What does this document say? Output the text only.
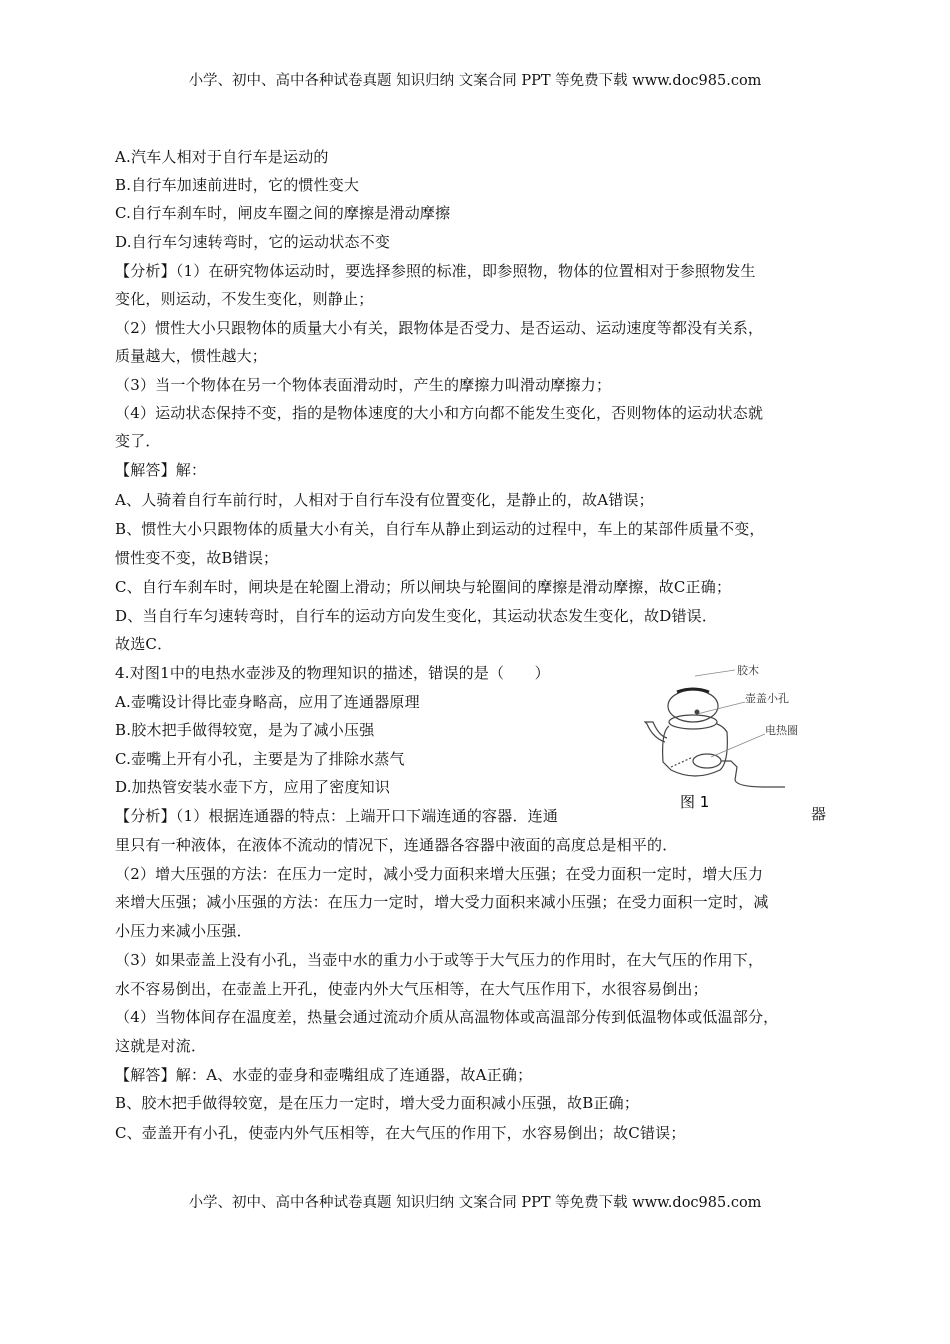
小学、初中、高中各种试卷真题 知识归纳 文案合同 PPT 等免费下载 www.doc985.com
A.汽车人相对于自行车是运动的
B.自行车加速前进时，它的惯性变大
C.自行车刹车时，闸皮车圈之间的摩擦是滑动摩擦
D.自行车匀速转弯时，它的运动状态不变
【分析】（1）在研究物体运动时，要选择参照的标准，即参照物，物体的位置相对于参照物发生
变化，则运动，不发生变化，则静止；
（2）惯性大小只跟物体的质量大小有关，跟物体是否受力、是否运动、运动速度等都没有关系，
质量越大，惯性越大；
（3）当一个物体在另一个物体表面滑动时，产生的摩擦力叫滑动摩擦力；
（4）运动状态保持不变，指的是物体速度的大小和方向都不能发生变化，否则物体的运动状态就
变了．
【解答】解：
A、人骑着自行车前行时，人相对于自行车没有位置变化，是静止的，故A错误；
B、惯性大小只跟物体的质量大小有关，自行车从静止到运动的过程中，车上的某部件质量不变，
惯性变不变，故B错误；
C、自行车刹车时，闸块是在轮圈上滑动；所以闸块与轮圈间的摩擦是滑动摩擦，故C正确；
D、当自行车匀速转弯时，自行车的运动方向发生变化，其运动状态发生变化，故D错误．
故选C．
4.对图1中的电热水壶涉及的物理知识的描述，错误的是（　　）
A.壶嘴设计得比壶身略高，应用了连通器原理
B.胶木把手做得较宽，是为了减小压强
C.壶嘴上开有小孔，主要是为了排除水蒸气
D.加热管安装水壶下方，应用了密度知识
【分析】（1）根据连通器的特点：上端开口下端连通的容器．连通
里只有一种液体，在液体不流动的情况下，连通器各容器中液面的高度总是相平的．
（2）增大压强的方法：在压力一定时，减小受力面积来增大压强；在受力面积一定时，增大压力
来增大压强；减小压强的方法：在压力一定时，增大受力面积来减小压强；在受力面积一定时，减
小压力来减小压强．
（3）如果壶盖上没有小孔，当壶中水的重力小于或等于大气压力的作用时，在大气压的作用下，
水不容易倒出，在壶盖上开孔，使壶内外大气压相等，在大气压作用下，水很容易倒出；
（4）当物体间存在温度差，热量会通过流动介质从高温物体或高温部分传到低温物体或低温部分，
这就是对流．
【解答】解：A、水壶的壶身和壶嘴组成了连通器，故A正确；
B、胶木把手做得较宽，是在压力一定时，增大受力面积减小压强，故B正确；
C、壶盖开有小孔，使壶内外气压相等，在大气压的作用下，水容易倒出；故C错误；
器
胶木
壶盖小孔
电热圈
图 1
小学、初中、高中各种试卷真题 知识归纳 文案合同 PPT 等免费下载 www.doc985.com
